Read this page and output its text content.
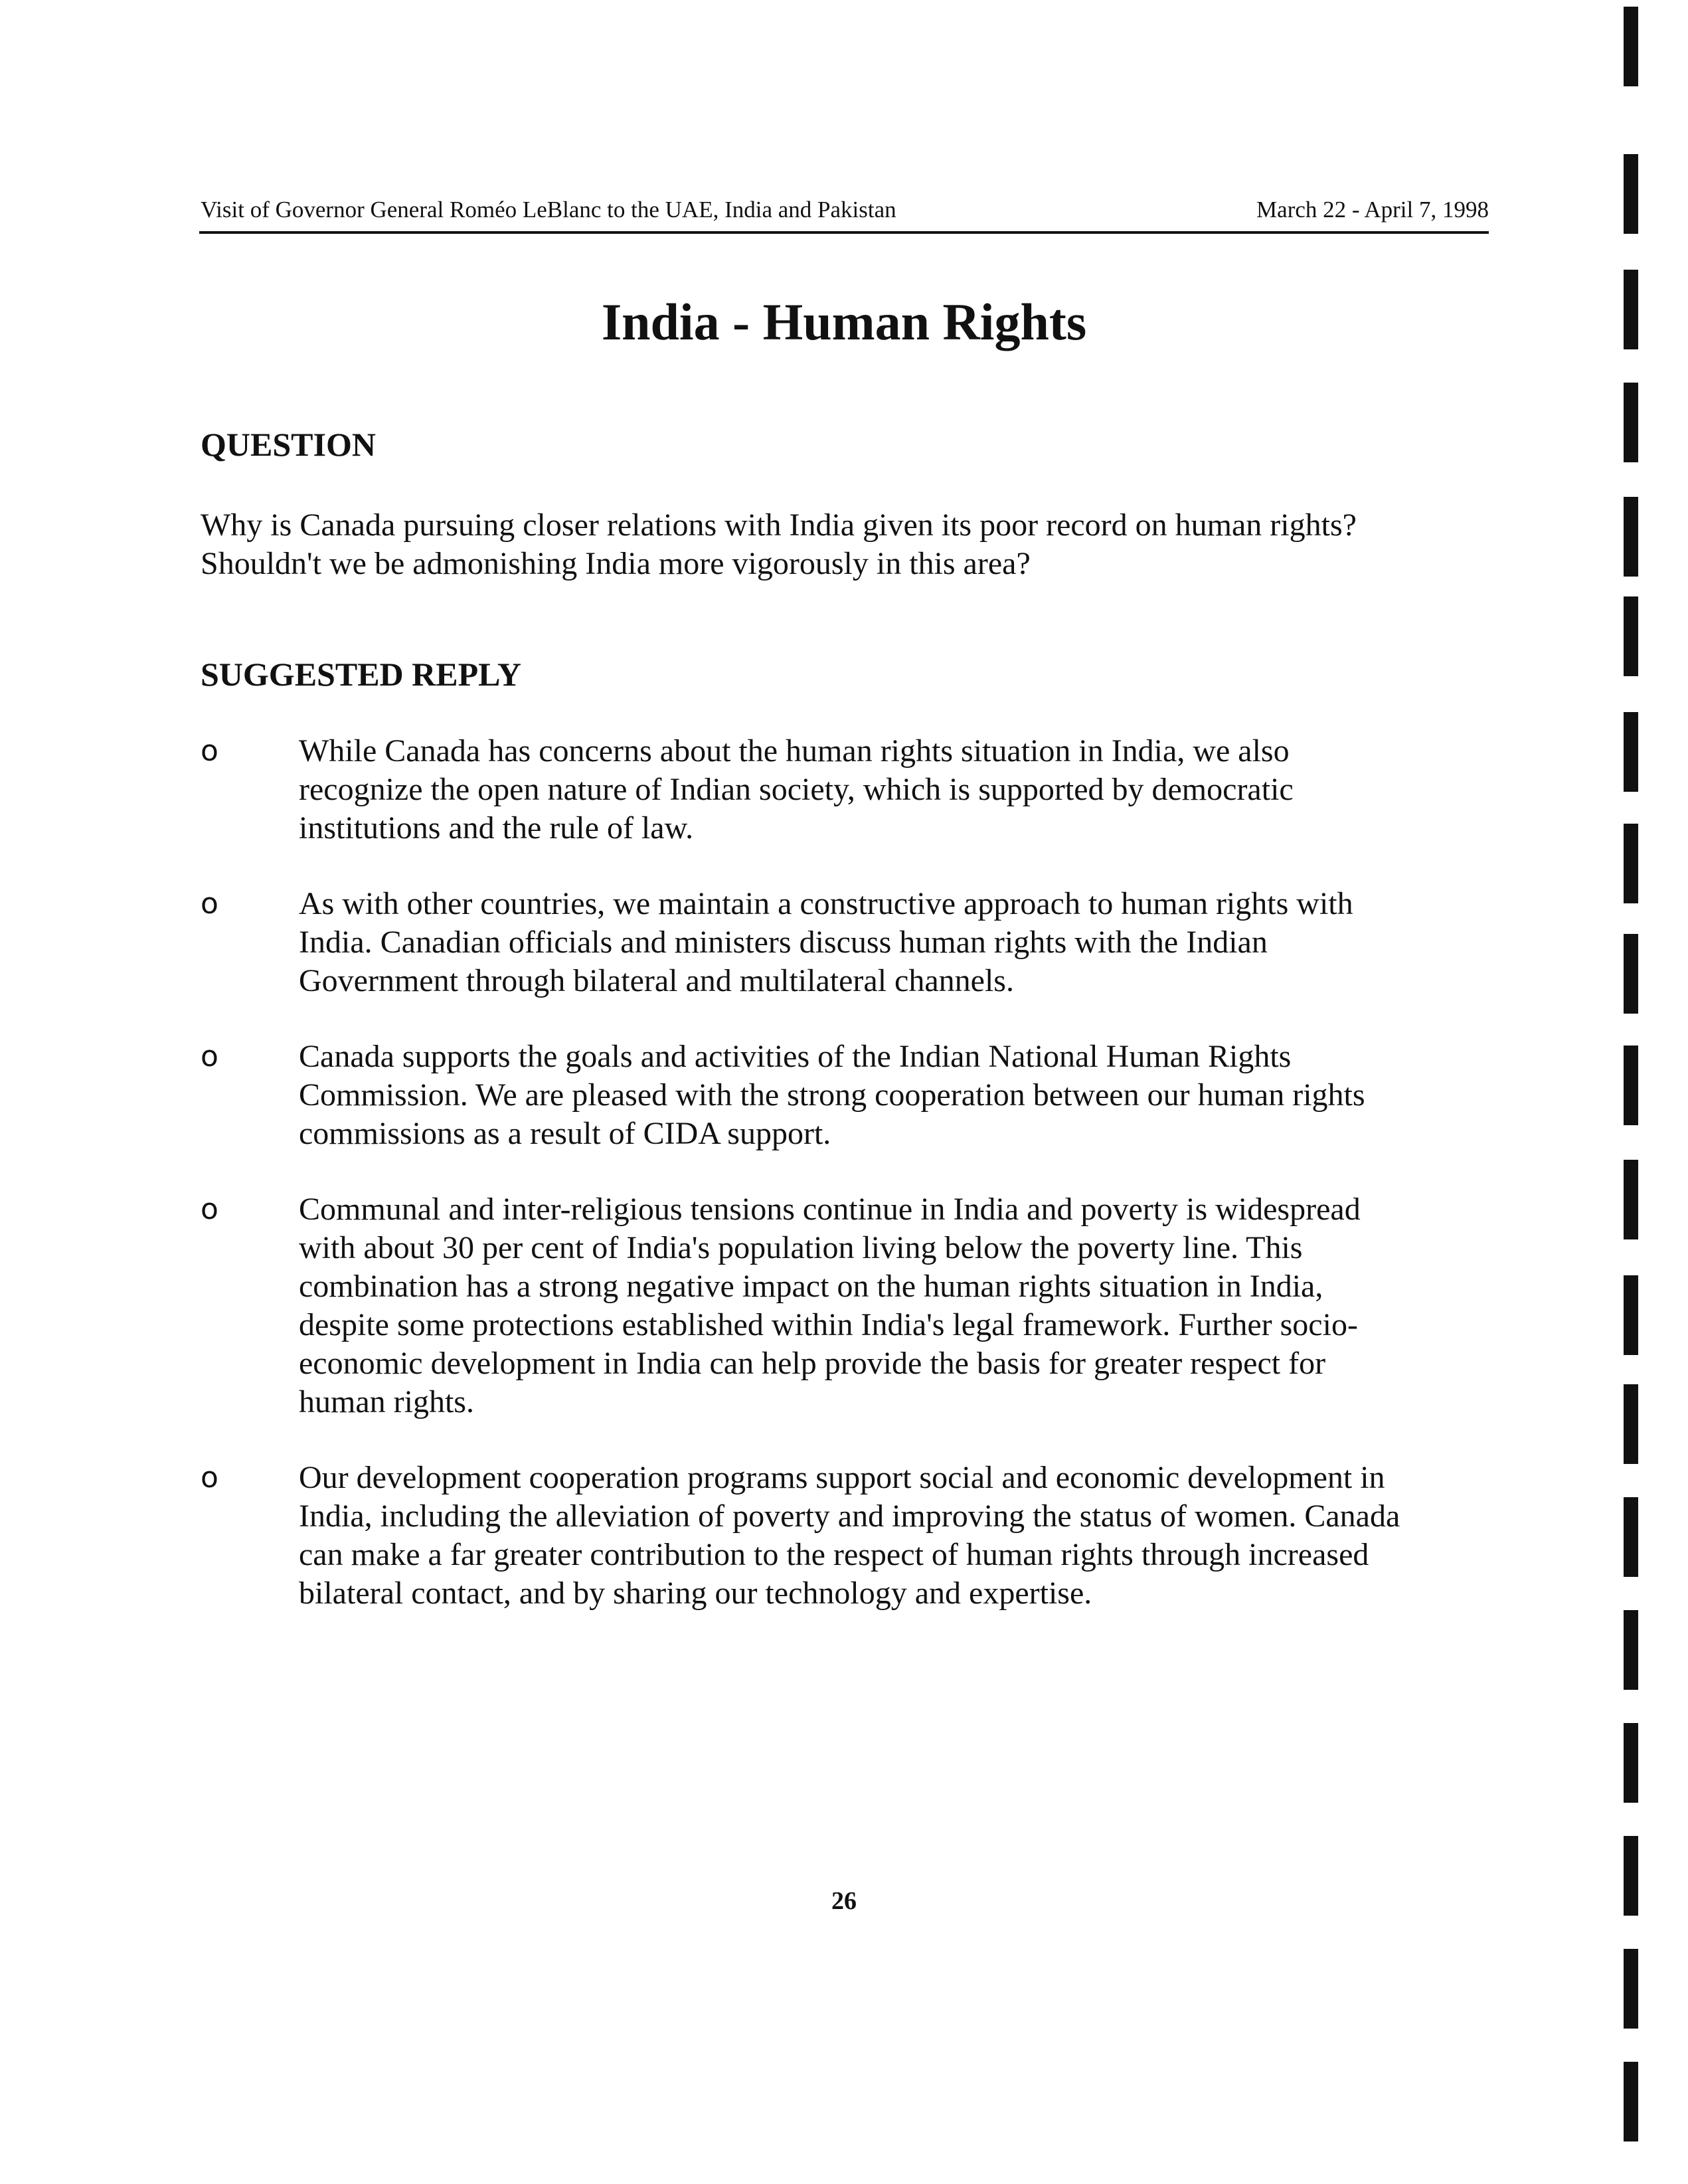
Visit of Governor General Roméo LeBlanc to the UAE, India and Pakistan	March 22 - April 7, 1998
India - Human Rights
QUESTION
Why is Canada pursuing closer relations with India given its poor record on human rights?
Shouldn't we be admonishing India more vigorously in this area?
SUGGESTED REPLY
o	While Canada has concerns about the human rights situation in India, we also
recognize the open nature of Indian society, which is supported by democratic
institutions and the rule of law.
o	As with other countries, we maintain a constructive approach to human rights with
India. Canadian officials and ministers discuss human rights with the Indian
Government through bilateral and multilateral channels.
o	Canada supports the goals and activities of the Indian National Human Rights
Commission. We are pleased with the strong cooperation between our human rights
commissions as a result of CIDA support.
o	Communal and inter-religious tensions continue in India and poverty is widespread
with about 30 per cent of India's population living below the poverty line. This
combination has a strong negative impact on the human rights situation in India,
despite some protections established within India's legal framework. Further socio-
economic development in India can help provide the basis for greater respect for
human rights.
o	Our development cooperation programs support social and economic development in
India, including the alleviation of poverty and improving the status of women. Canada
can make a far greater contribution to the respect of human rights through increased
bilateral contact, and by sharing our technology and expertise.
26
